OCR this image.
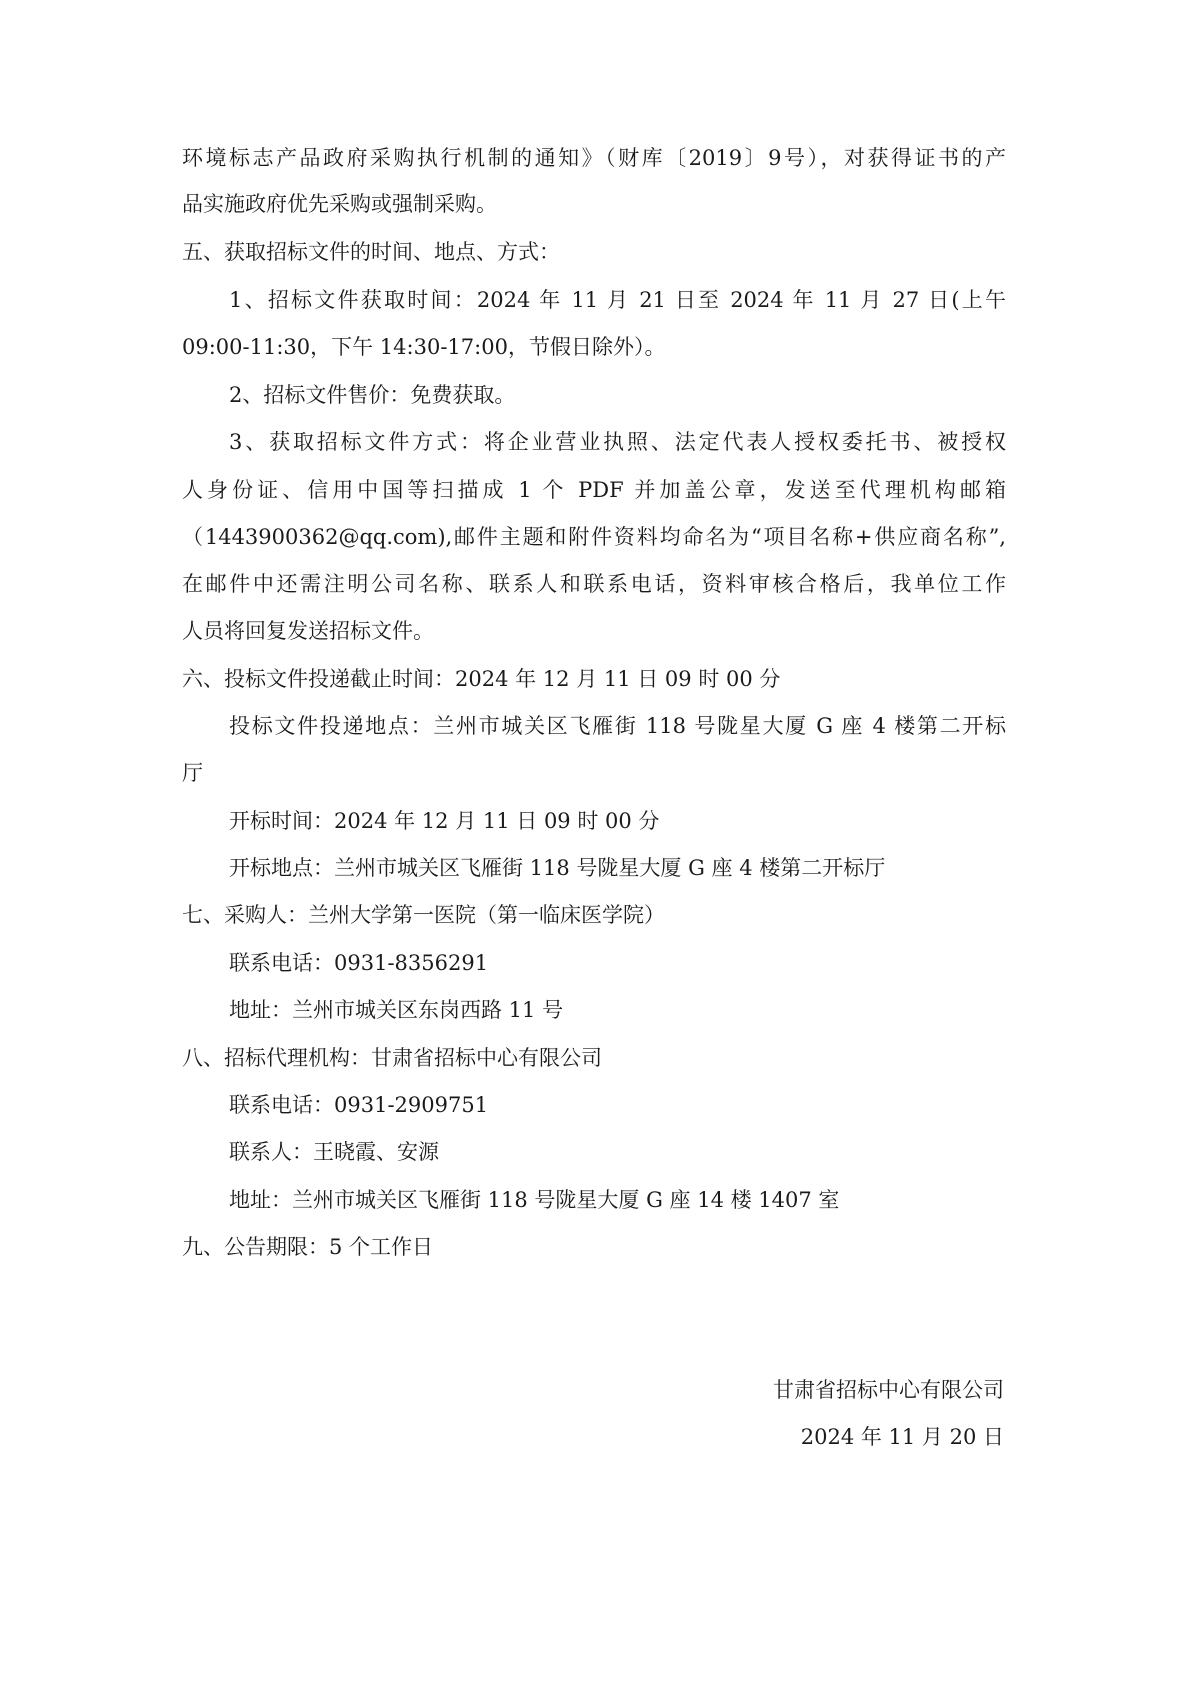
环境标志产品政府采购执行机制的通知》（财库〔2019〕9号），对获得证书的产
品实施政府优先采购或强制采购。
五、获取招标文件的时间、地点、方式：
1、招标文件获取时间：2024 年 11 月 21 日至 2024 年 11 月 27 日(上午
09:00-11:30，下午 14:30-17:00，节假日除外）。
2、招标文件售价：免费获取。
3、获取招标文件方式：将企业营业执照、法定代表人授权委托书、被授权
人身份证、信用中国等扫描成 1 个 PDF 并加盖公章，发送至代理机构邮箱
（1443900362@qq.com),邮件主题和附件资料均命名为“项目名称+供应商名称”,
在邮件中还需注明公司名称、联系人和联系电话，资料审核合格后，我单位工作
人员将回复发送招标文件。
六、投标文件投递截止时间：2024 年 12 月 11 日 09 时 00 分
投标文件投递地点：兰州市城关区飞雁街 118 号陇星大厦 G 座 4 楼第二开标
厅
开标时间：2024 年 12 月 11 日 09 时 00 分
开标地点：兰州市城关区飞雁街 118 号陇星大厦 G 座 4 楼第二开标厅
七、采购人：兰州大学第一医院（第一临床医学院）
联系电话：0931-8356291
地址：兰州市城关区东岗西路 11 号
八、招标代理机构：甘肃省招标中心有限公司
联系电话：0931-2909751
联系人：王晓霞、安源
地址：兰州市城关区飞雁街 118 号陇星大厦 G 座 14 楼 1407 室
九、公告期限：5 个工作日
甘肃省招标中心有限公司
2024 年 11 月 20 日
